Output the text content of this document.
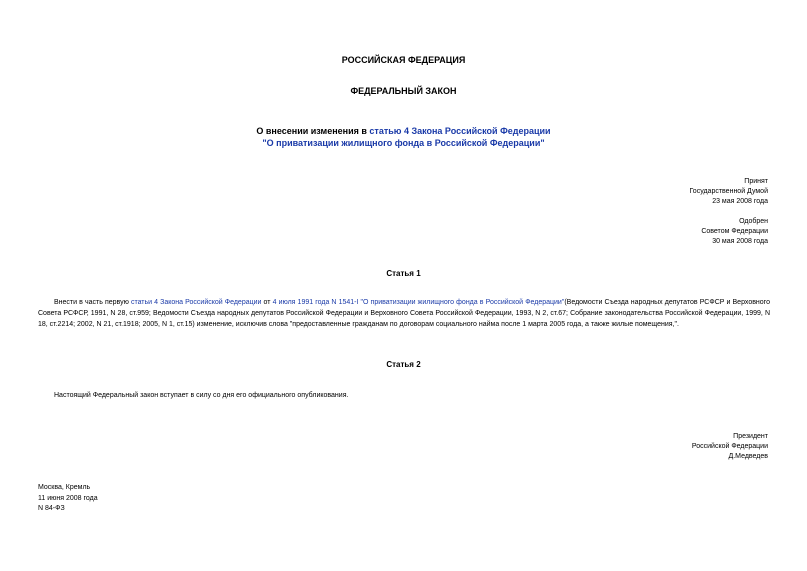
РОССИЙСКАЯ ФЕДЕРАЦИЯ
ФЕДЕРАЛЬНЫЙ ЗАКОН
О внесении изменения в статью 4 Закона Российской Федерации
"О приватизации жилищного фонда в Российской Федерации"
Принят
Государственной Думой
23 мая 2008 года
Одобрен
Советом Федерации
30 мая 2008 года
Статья 1
Внести в часть первую статьи 4 Закона Российской Федерации от 4 июля 1991 года N 1541-I "О приватизации жилищного фонда в Российской Федерации"(Ведомости Съезда народных депутатов РСФСР и Верховного Совета РСФСР, 1991, N 28, ст.959; Ведомости Съезда народных депутатов Российской Федерации и Верховного Совета Российской Федерации, 1993, N 2, ст.67; Собрание законодательства Российской Федерации, 1999, N 18, ст.2214; 2002, N 21, ст.1918; 2005, N 1, ст.15) изменение, исключив слова "предоставленные гражданам по договорам социального найма после 1 марта 2005 года, а также жилые помещения,".
Статья 2
Настоящий Федеральный закон вступает в силу со дня его официального опубликования.
Президент
Российской Федерации
Д.Медведев
Москва, Кремль
11 июня 2008 года
N 84-ФЗ
